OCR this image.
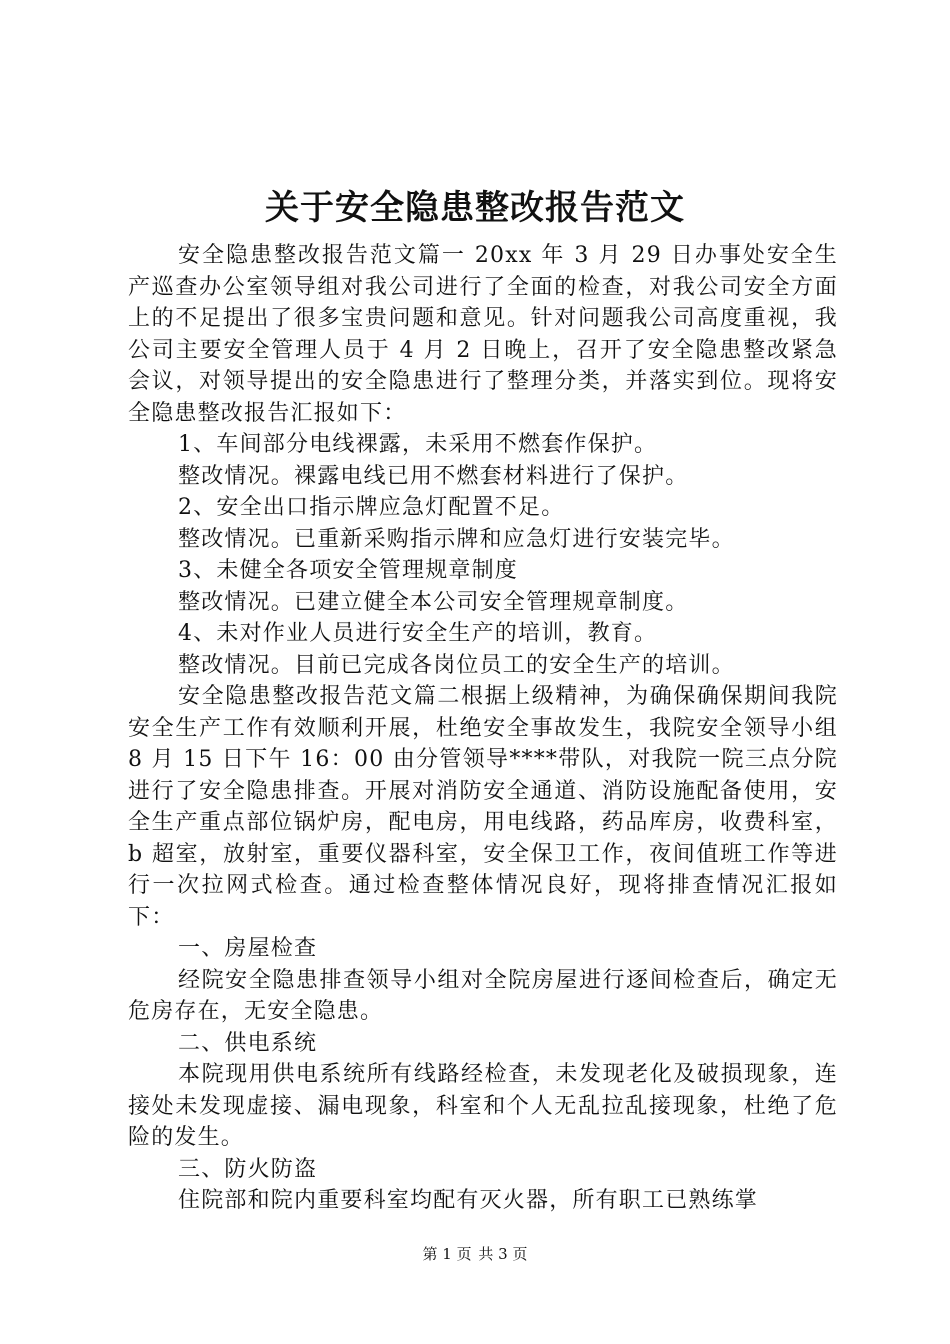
关于安全隐患整改报告范文

安全隐患整改报告范文篇一 20xx 年 3 月 29 日办事处安全生产巡查办公室领导组对我公司进行了全面的检查，对我公司安全方面上的不足提出了很多宝贵问题和意见。针对问题我公司高度重视，我公司主要安全管理人员于 4 月 2 日晚上，召开了安全隐患整改紧急会议，对领导提出的安全隐患进行了整理分类，并落实到位。现将安全隐患整改报告汇报如下：

1、车间部分电线裸露，未采用不燃套作保护。

整改情况。裸露电线已用不燃套材料进行了保护。

2、安全出口指示牌应急灯配置不足。

整改情况。已重新采购指示牌和应急灯进行安装完毕。

3、未健全各项安全管理规章制度

整改情况。已建立健全本公司安全管理规章制度。

4、未对作业人员进行安全生产的培训，教育。

整改情况。目前已完成各岗位员工的安全生产的培训。

安全隐患整改报告范文篇二根据上级精神，为确保确保期间我院安全生产工作有效顺利开展，杜绝安全事故发生，我院安全领导小组 8 月 15 日下午 16：00 由分管领导****带队，对我院一院三点分院进行了安全隐患排查。开展对消防安全通道、消防设施配备使用，安全生产重点部位锅炉房，配电房，用电线路，药品库房，收费科室，b 超室，放射室，重要仪器科室，安全保卫工作，夜间值班工作等进行一次拉网式检查。通过检查整体情况良好，现将排查情况汇报如下：

一、房屋检查

经院安全隐患排查领导小组对全院房屋进行逐间检查后，确定无危房存在，无安全隐患。

二、供电系统

本院现用供电系统所有线路经检查，未发现老化及破损现象，连接处未发现虚接、漏电现象，科室和个人无乱拉乱接现象，杜绝了危险的发生。

三、防火防盗

住院部和院内重要科室均配有灭火器，所有职工已熟练掌

第 1 页 共 3 页
